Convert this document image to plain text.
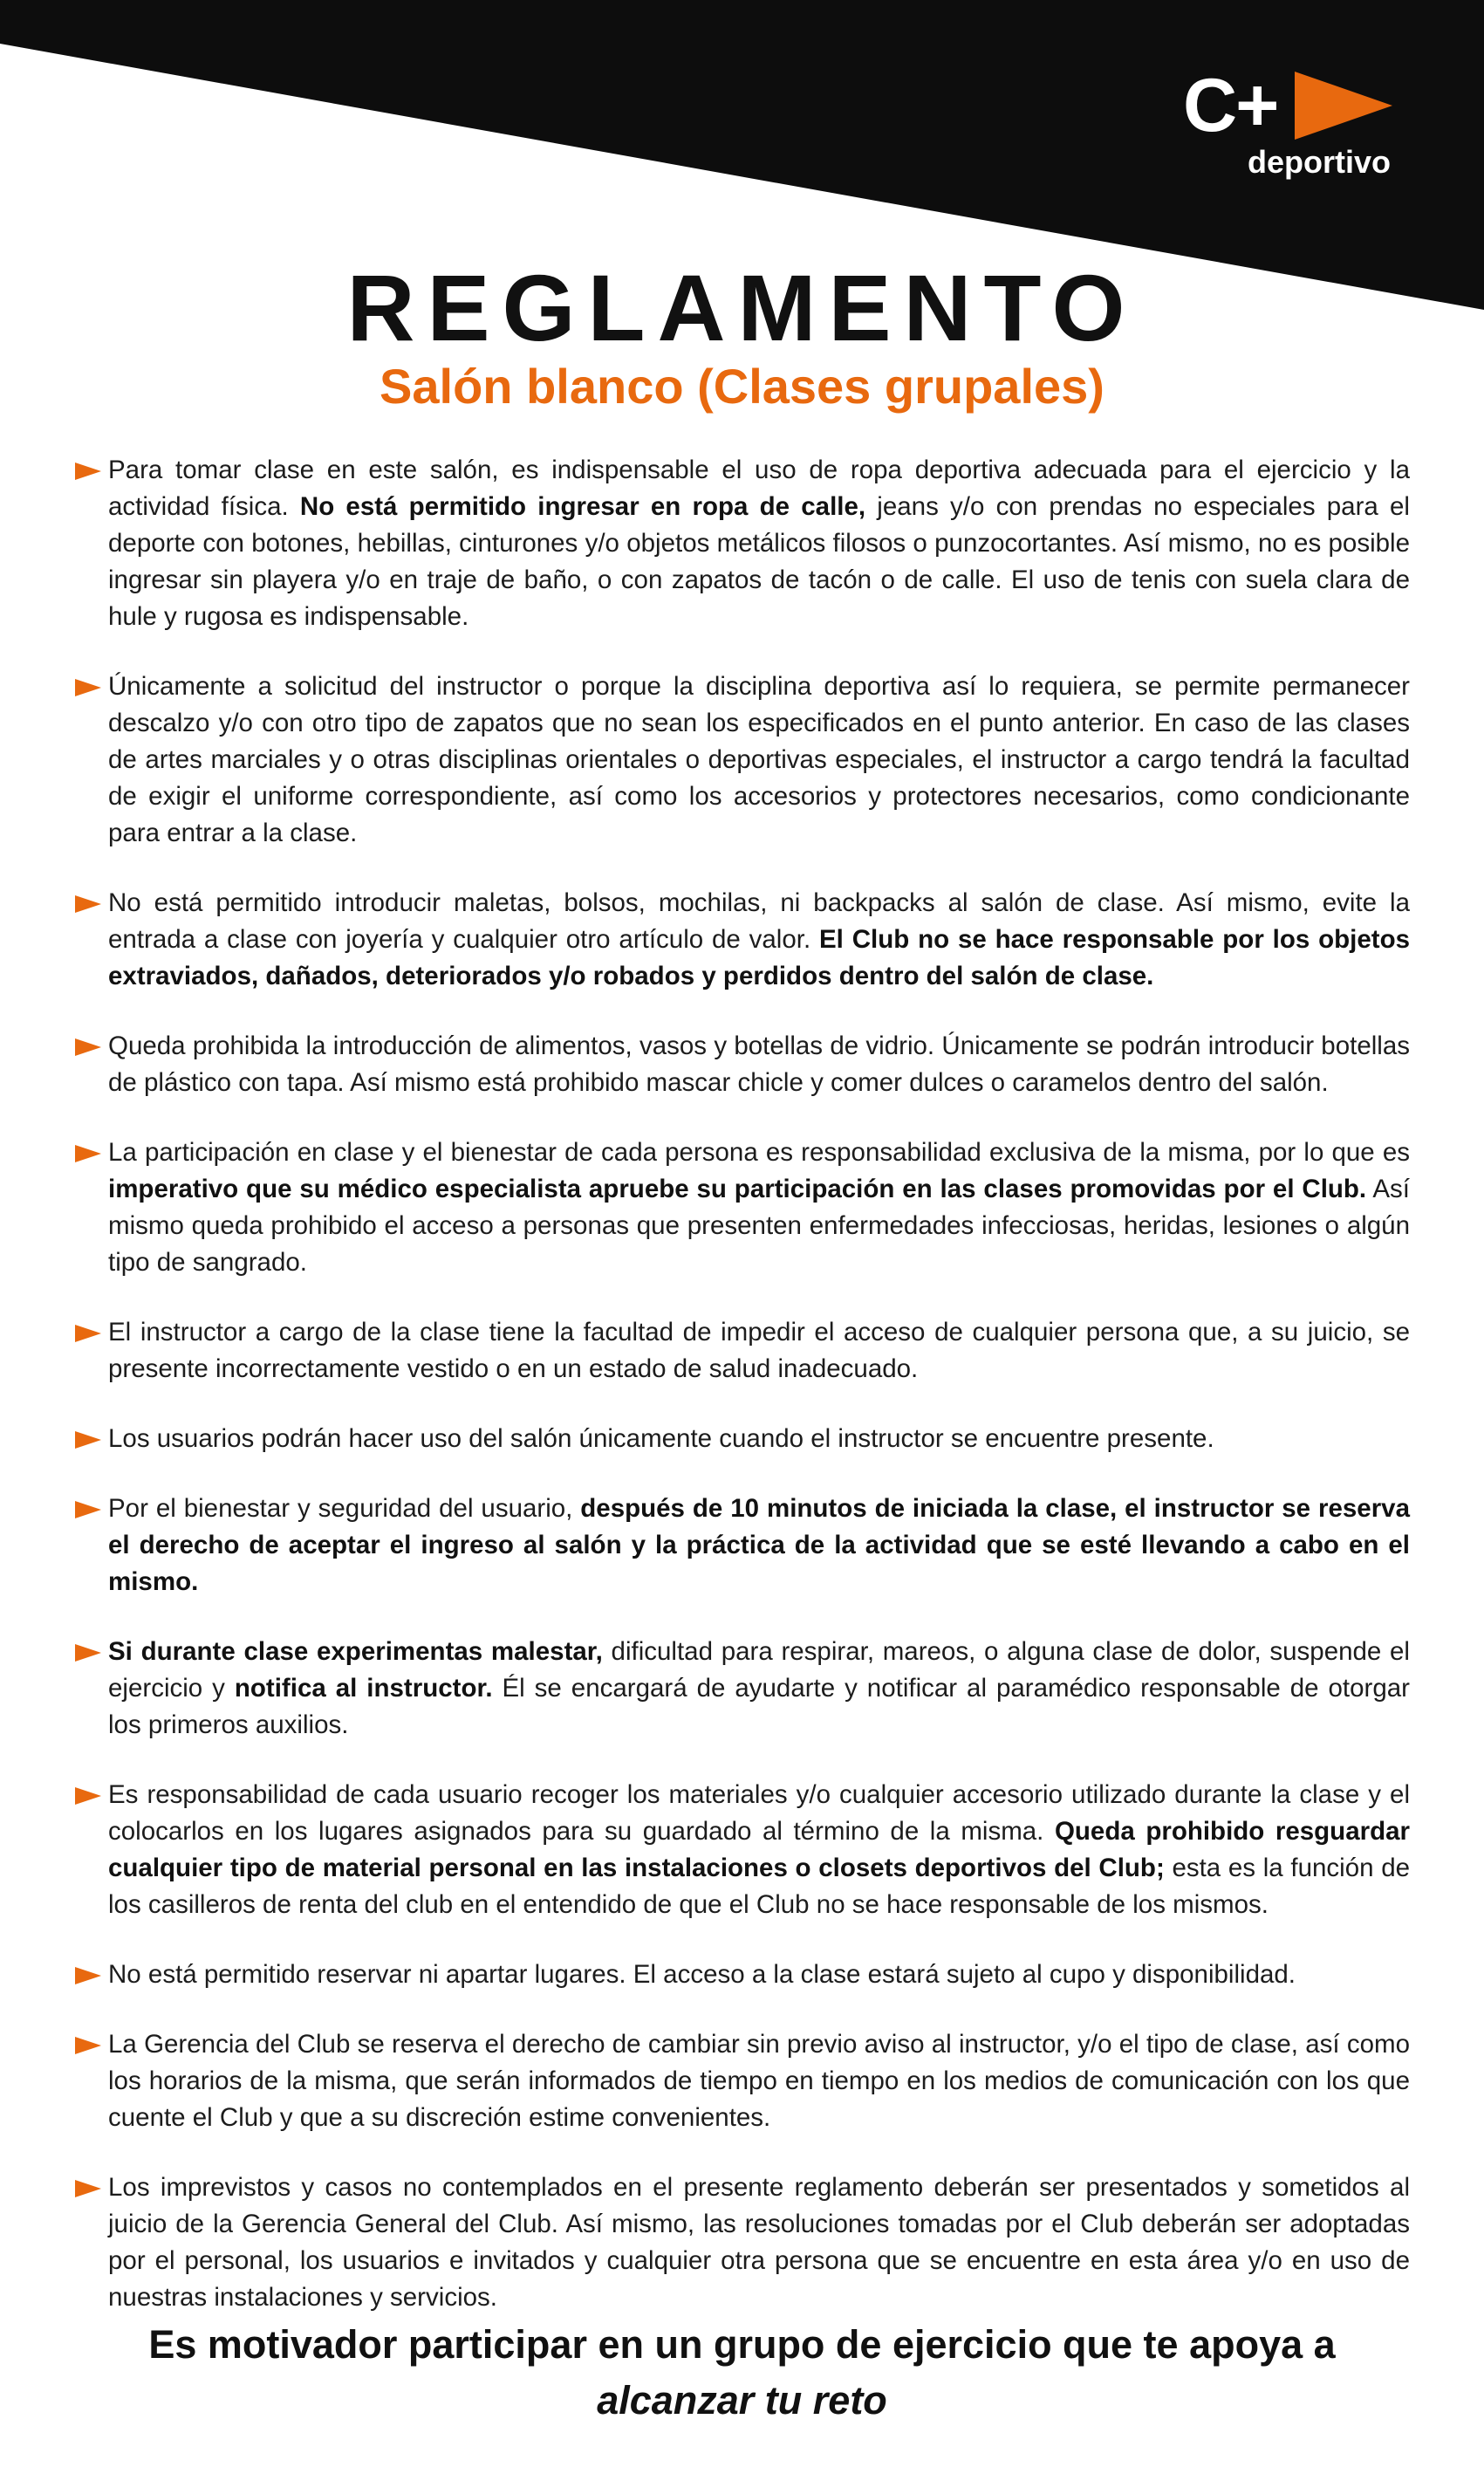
C+
deportivo
REGLAMENTO
Salón blanco (Clases grupales)
Para tomar clase en este salón, es indispensable el uso de ropa deportiva adecuada para el ejercicio y la actividad física. No está permitido ingresar en ropa de calle, jeans y/o con prendas no especiales para el deporte con botones, hebillas, cinturones y/o objetos metálicos filosos o punzocortantes. Así mismo, no es posible ingresar sin playera y/o en traje de baño, o con zapatos de tacón o de calle. El uso de tenis con suela clara de hule y rugosa es indispensable.
Únicamente a solicitud del instructor o porque la disciplina deportiva así lo requiera, se permite permanecer descalzo y/o con otro tipo de zapatos que no sean los especificados en el punto anterior. En caso de las clases de artes marciales y o otras disciplinas orientales o deportivas especiales, el instructor a cargo tendrá la facultad de exigir el uniforme correspondiente, así como los accesorios y protectores necesarios, como condicionante para entrar a la clase.
No está permitido introducir maletas, bolsos, mochilas, ni backpacks al salón de clase. Así mismo, evite la entrada a clase con joyería y cualquier otro artículo de valor. El Club no se hace responsable por los objetos extraviados, dañados, deteriorados y/o robados y perdidos dentro del salón de clase.
Queda prohibida la introducción de alimentos, vasos y botellas de vidrio. Únicamente se podrán introducir botellas de plástico con tapa. Así mismo está prohibido mascar chicle y comer dulces o caramelos dentro del salón.
La participación en clase y el bienestar de cada persona es responsabilidad exclusiva de la misma, por lo que es imperativo que su médico especialista apruebe su participación en las clases promovidas por el Club. Así mismo queda prohibido el acceso a personas que presenten enfermedades infecciosas, heridas, lesiones o algún tipo de sangrado.
El instructor a cargo de la clase tiene la facultad de impedir el acceso de cualquier persona que, a su juicio, se presente incorrectamente vestido o en un estado de salud inadecuado.
Los usuarios podrán hacer uso del salón únicamente cuando el instructor se encuentre presente.
Por el bienestar y seguridad del usuario, después de 10 minutos de iniciada la clase, el instructor se reserva el derecho de aceptar el ingreso al salón y la práctica de la actividad que se esté llevando a cabo en el mismo.
Si durante clase experimentas malestar, dificultad para respirar, mareos, o alguna clase de dolor, suspende el ejercicio y notifica al instructor. Él se encargará de ayudarte y notificar al paramédico responsable de otorgar los primeros auxilios.
Es responsabilidad de cada usuario recoger los materiales y/o cualquier accesorio utilizado durante la clase y el colocarlos en los lugares asignados para su guardado al término de la misma. Queda prohibido resguardar cualquier tipo de material personal en las instalaciones o closets deportivos del Club; esta es la función de los casilleros de renta del club en el entendido de que el Club no se hace responsable de los mismos.
No está permitido reservar ni apartar lugares. El acceso a la clase estará sujeto al cupo y disponibilidad.
La Gerencia del Club se reserva el derecho de cambiar sin previo aviso al instructor, y/o el tipo de clase, así como los horarios de la misma, que serán informados de tiempo en tiempo en los medios de comunicación con los que cuente el Club y que a su discreción estime convenientes.
Los imprevistos y casos no contemplados en el presente reglamento deberán ser presentados y sometidos al juicio de la Gerencia General del Club. Así mismo, las resoluciones tomadas por el Club deberán ser adoptadas por el personal, los usuarios e invitados y cualquier otra persona que se encuentre en esta área y/o en uso de nuestras instalaciones y servicios.
Es motivador participar en un grupo de ejercicio que te apoya a
alcanzar tu reto
